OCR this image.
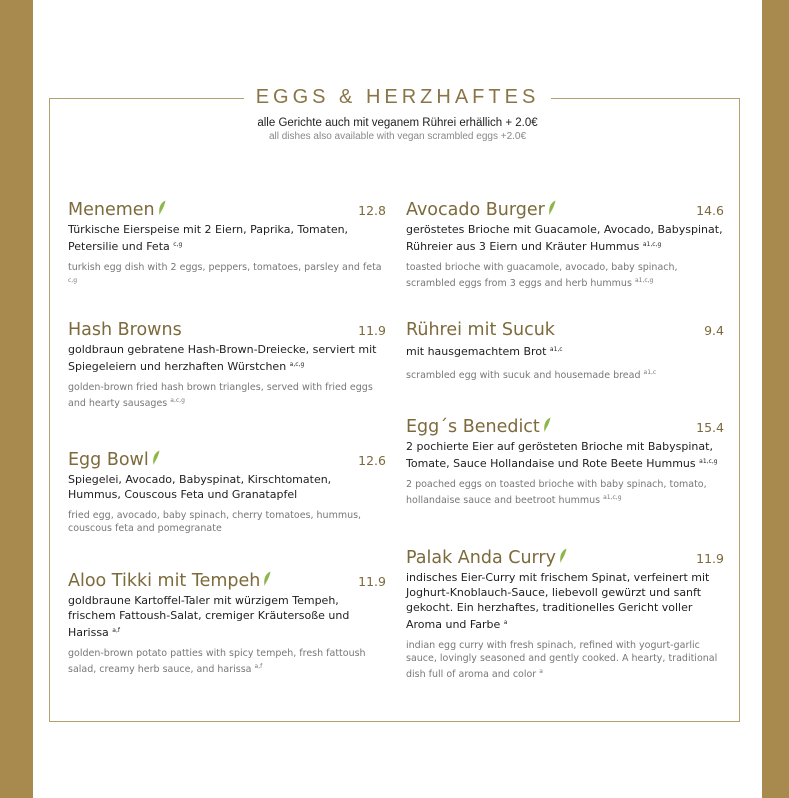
EGGS & HERZHAFTES
alle Gerichte auch mit veganem Rührei erhällich + 2.0€
all dishes also available with vegan scrambled eggs +2.0€
Menemen	12.8
Türkische Eierspeise mit 2 Eiern, Paprika, Tomaten, Petersilie und Feta $^{c,g}$
turkish egg dish with 2 eggs, peppers, tomatoes, parsley and feta $^{c,g}$
Avocado Burger	14.6
geröstetes Brioche mit Guacamole, Avocado, Babyspinat, Rühreier aus 3 Eiern und Kräuter Hummus $^{a1,c,g}$
toasted brioche with guacamole, avocado, baby spinach, scrambled eggs from 3 eggs and herb hummus $^{a1,c,g}$
Hash Browns	11.9
goldbraun gebratene Hash-Brown-Dreiecke, serviert mit Spiegeleiern und herzhaften Würstchen $^{a,c,g}$
golden-brown fried hash brown triangles, served with fried eggs and hearty sausages $^{a,c,g}$
Rührei mit Sucuk	9.4
mit hausgemachtem Brot $^{a1,c}$
scrambled egg with sucuk and housemade bread $^{a1,c}$
Egg´s Benedict	15.4
2 pochierte Eier auf gerösteten Brioche mit Babyspinat, Tomate, Sauce Hollandaise und Rote Beete Hummus $^{a1,c,g}$
2 poached eggs on toasted brioche with baby spinach, tomato, hollandaise sauce and beetroot hummus $^{a1,c,g}$
Egg Bowl	12.6
Spiegelei, Avocado, Babyspinat, Kirschtomaten, Hummus, Couscous Feta und Granatapfel
fried egg, avocado, baby spinach, cherry tomatoes, hummus, couscous feta and pomegranate
Palak Anda Curry	11.9
indisches Eier-Curry mit frischem Spinat, verfeinert mit Joghurt-Knoblauch-Sauce, liebevoll gewürzt und sanft gekocht. Ein herzhaftes, traditionelles Gericht voller Aroma und Farbe $^a$
indian egg curry with fresh spinach, refined with yogurt-garlic sauce, lovingly seasoned and gently cooked. A hearty, traditional dish full of aroma and color $^a$
Aloo Tikki mit Tempeh	11.9
goldbraune Kartoffel-Taler mit würzigem Tempeh, frischem Fattoush-Salat, cremiger Kräutersoße und Harissa $^{a,f}$
golden-brown potato patties with spicy tempeh, fresh fattoush salad, creamy herb sauce, and harissa $^{a,f}$
